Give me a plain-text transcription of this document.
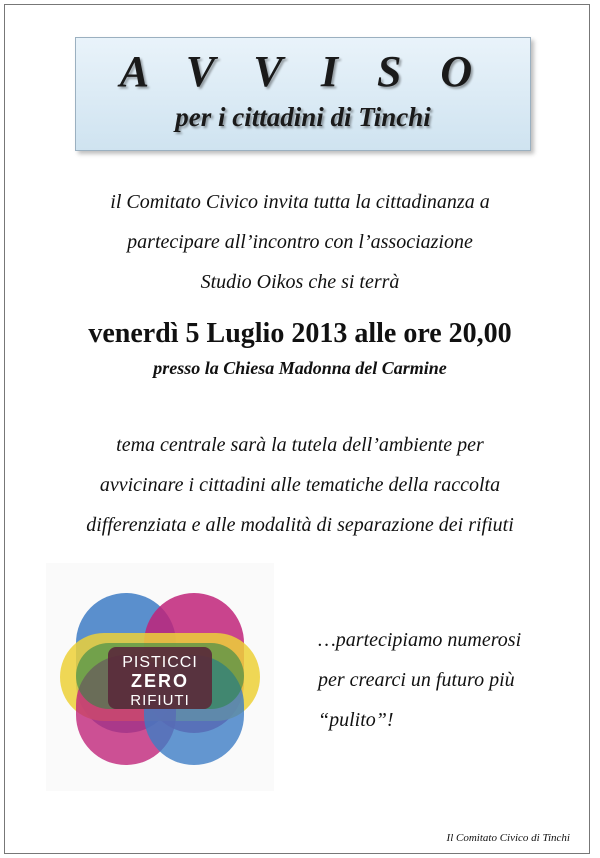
A V V I S O
per i cittadini di Tinchi
il Comitato Civico invita tutta la cittadinanza a
partecipare all’incontro con l’associazione
Studio Oikos che si terrà
venerdì 5 Luglio 2013 alle ore 20,00
presso la Chiesa Madonna del Carmine
tema centrale sarà la tutela dell’ambiente per
avvicinare i cittadini alle tematiche della raccolta
differenziata e alle modalità di separazione dei rifiuti
PISTICCI
ZERO
RIFIUTI
…partecipiamo numerosi
per crearci un futuro più
“pulito”!
Il Comitato Civico di Tinchi
